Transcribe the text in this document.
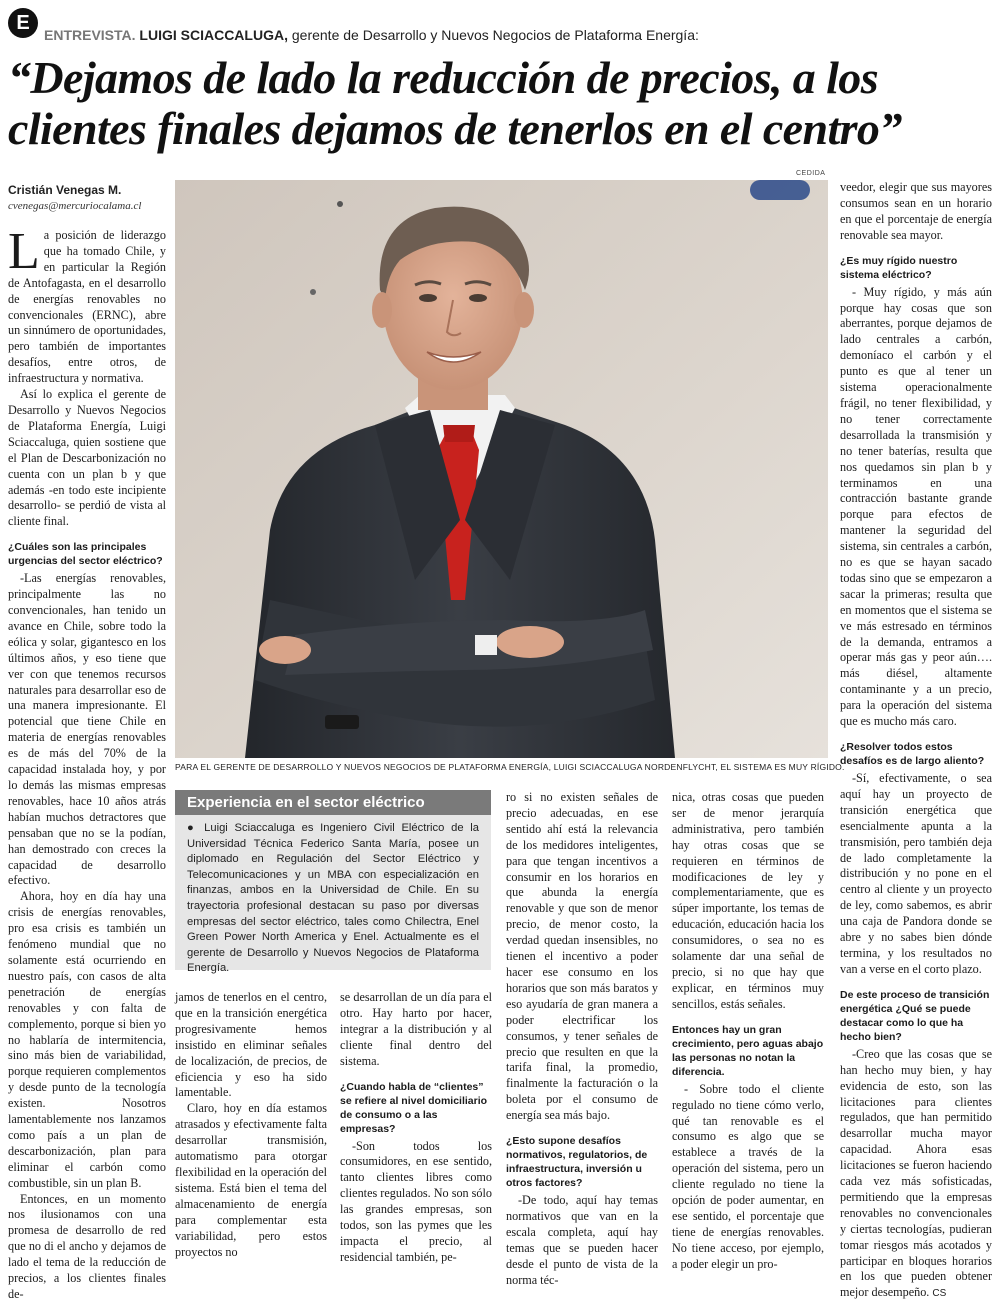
E
ENTREVISTA. LUIGI SCIACCALUGA, gerente de Desarrollo y Nuevos Negocios de Plataforma Energía:
“Dejamos de lado la reducción de precios, a los clientes finales dejamos de tenerlos en el centro”
Cristián Venegas M.
cvenegas@mercuriocalama.cl
CEDIDA
PARA EL GERENTE DE DESARROLLO Y NUEVOS NEGOCIOS DE PLATAFORMA ENERGÍA, LUIGI SCIACCALUGA NORDENFLYCHT, EL SISTEMA ES MUY RÍGIDO.

La posición de liderazgo que ha tomado Chile, y en particular la Región de Antofagasta, en el desarrollo de energías renovables no convencionales (ERNC), abre un sinnúmero de oportunidades, pero también de importantes desafíos, entre otros, de infraestructura y normativa.

Así lo explica el gerente de Desarrollo y Nuevos Negocios de Plataforma Energía, Luigi Sciaccaluga, quien sostiene que el Plan de Descarbonización no cuenta con un plan b y que además -en todo este incipiente desarrollo- se perdió de vista al cliente final.

¿Cuáles son las principales urgencias del sector eléctrico?

-Las energías renovables, principalmente las no convencionales, han tenido un avance en Chile, sobre todo la eólica y solar, gigantesco en los últimos años, y eso tiene que ver con que tenemos recursos naturales para desarrollar eso de una manera impresionante. El potencial que tiene Chile en materia de energías renovables es de más del 70% de la capacidad instalada hoy, y por lo demás las mismas empresas renovables, hace 10 años atrás habían muchos detractores que pensaban que no se la podían, han demostrado con creces la capacidad de desarrollo efectivo.

Ahora, hoy en día hay una crisis de energías renovables, pro esa crisis es también un fenómeno mundial que no solamente está ocurriendo en nuestro país, con casos de alta penetración de energías renovables y con falta de complemento, porque si bien yo no hablaría de intermitencia, sino más bien de variabilidad, porque requieren complementos y desde punto de la tecnología existen. Nosotros lamentablemente nos lanzamos como país a un plan de descarbonización, plan para eliminar el carbón como combustible, sin un plan B.

Entonces, en un momento nos ilusionamos con una promesa de desarrollo de red que no di el ancho y dejamos de lado el tema de la reducción de precios, a los clientes finales de-

Experiencia en el sector eléctrico
● Luigi Sciaccaluga es Ingeniero Civil Eléctrico de la Universidad Técnica Federico Santa María, posee un diplomado en Regulación del Sector Eléctrico y Telecomunicaciones y un MBA con especialización en finanzas, ambos en la Universidad de Chile. En su trayectoria profesional destacan su paso por diversas empresas del sector eléctrico, tales como Chilectra, Enel Green Power North America y Enel. Actualmente es el gerente de Desarrollo y Nuevos Negocios de Plataforma Energía.

jamos de tenerlos en el centro, que en la transición energética progresivamente hemos insistido en eliminar señales de localización, de precios, de eficiencia y eso ha sido lamentable.

Claro, hoy en día estamos atrasados y efectivamente falta desarrollar transmisión, automatismo para otorgar flexibilidad en la operación del sistema. Está bien el tema del almacenamiento de energía para complementar esta variabilidad, pero estos proyectos no

se desarrollan de un día para el otro. Hay harto por hacer, integrar a la distribución y al cliente final dentro del sistema.

¿Cuando habla de “clientes” se refiere al nivel domiciliario de consumo o a las empresas?

-Son todos los consumidores, en ese sentido, tanto clientes libres como clientes regulados. No son sólo las grandes empresas, son todos, son las pymes que les impacta el precio, al residencial también, pe-

ro si no existen señales de precio adecuadas, en ese sentido ahí está la relevancia de los medidores inteligentes, para que tengan incentivos a consumir en los horarios en que abunda la energía renovable y que son de menor precio, de menor costo, la verdad quedan insensibles, no tienen el incentivo a poder hacer ese consumo en los horarios que son más baratos y eso ayudaría de gran manera a poder electrificar los consumos, y tener señales de precio que resulten en que la tarifa final, la promedio, finalmente la facturación o la boleta por el consumo de energía sea más bajo.

¿Esto supone desafíos normativos, regulatorios, de infraestructura, inversión u otros factores?

-De todo, aquí hay temas normativos que van en la escala completa, aquí hay temas que se pueden hacer desde el punto de vista de la norma téc-

nica, otras cosas que pueden ser de menor jerarquía administrativa, pero también hay otras cosas que se requieren en términos de modificaciones de ley y complementariamente, que es súper importante, los temas de educación, educación hacia los consumidores, o sea no es solamente dar una señal de precio, si no que hay que explicar, en términos muy sencillos, estás señales.

Entonces hay un gran crecimiento, pero aguas abajo las personas no notan la diferencia.

- Sobre todo el cliente regulado no tiene cómo verlo, qué tan renovable es el consumo es algo que se establece a través de la operación del sistema, pero un cliente regulado no tiene la opción de poder aumentar, en ese sentido, el porcentaje que tiene de energías renovables. No tiene acceso, por ejemplo, a poder elegir un pro-

veedor, elegir que sus mayores consumos sean en un horario en que el porcentaje de energía renovable sea mayor.

¿Es muy rígido nuestro sistema eléctrico?

- Muy rígido, y más aún porque hay cosas que son aberrantes, porque dejamos de lado centrales a carbón, demoníaco el carbón y el punto es que al tener un sistema operacionalmente frágil, no tener flexibilidad, y no tener correctamente desarrollada la transmisión y no tener baterías, resulta que nos quedamos sin plan b y terminamos en una contracción bastante grande porque para efectos de mantener la seguridad del sistema, sin centrales a carbón, no es que se hayan sacado todas sino que se empezaron a sacar la primeras; resulta que en momentos que el sistema se ve más estresado en términos de la demanda, entramos a operar más gas y peor aún…. más diésel, altamente contaminante y a un precio, para la operación del sistema que es mucho más caro.

¿Resolver todos estos desafíos es de largo aliento?

-Sí, efectivamente, o sea aquí hay un proyecto de transición energética que esencialmente apunta a la transmisión, pero también deja de lado completamente la distribución y no pone en el centro al cliente y un proyecto de ley, como sabemos, es abrir una caja de Pandora donde se abre y no sabes bien dónde termina, y los resultados no van a verse en el corto plazo.

De este proceso de transición energética ¿Qué se puede destacar como lo que ha hecho bien?

-Creo que las cosas que se han hecho muy bien, y hay evidencia de esto, son las licitaciones para clientes regulados, que han permitido desarrollar mucha mayor capacidad. Ahora esas licitaciones se fueron haciendo cada vez más sofisticadas, permitiendo que la empresas renovables no convencionales y ciertas tecnologías, pudieran tomar riesgos más acotados y participar en bloques horarios en los que pueden obtener mejor desempeño. CS
